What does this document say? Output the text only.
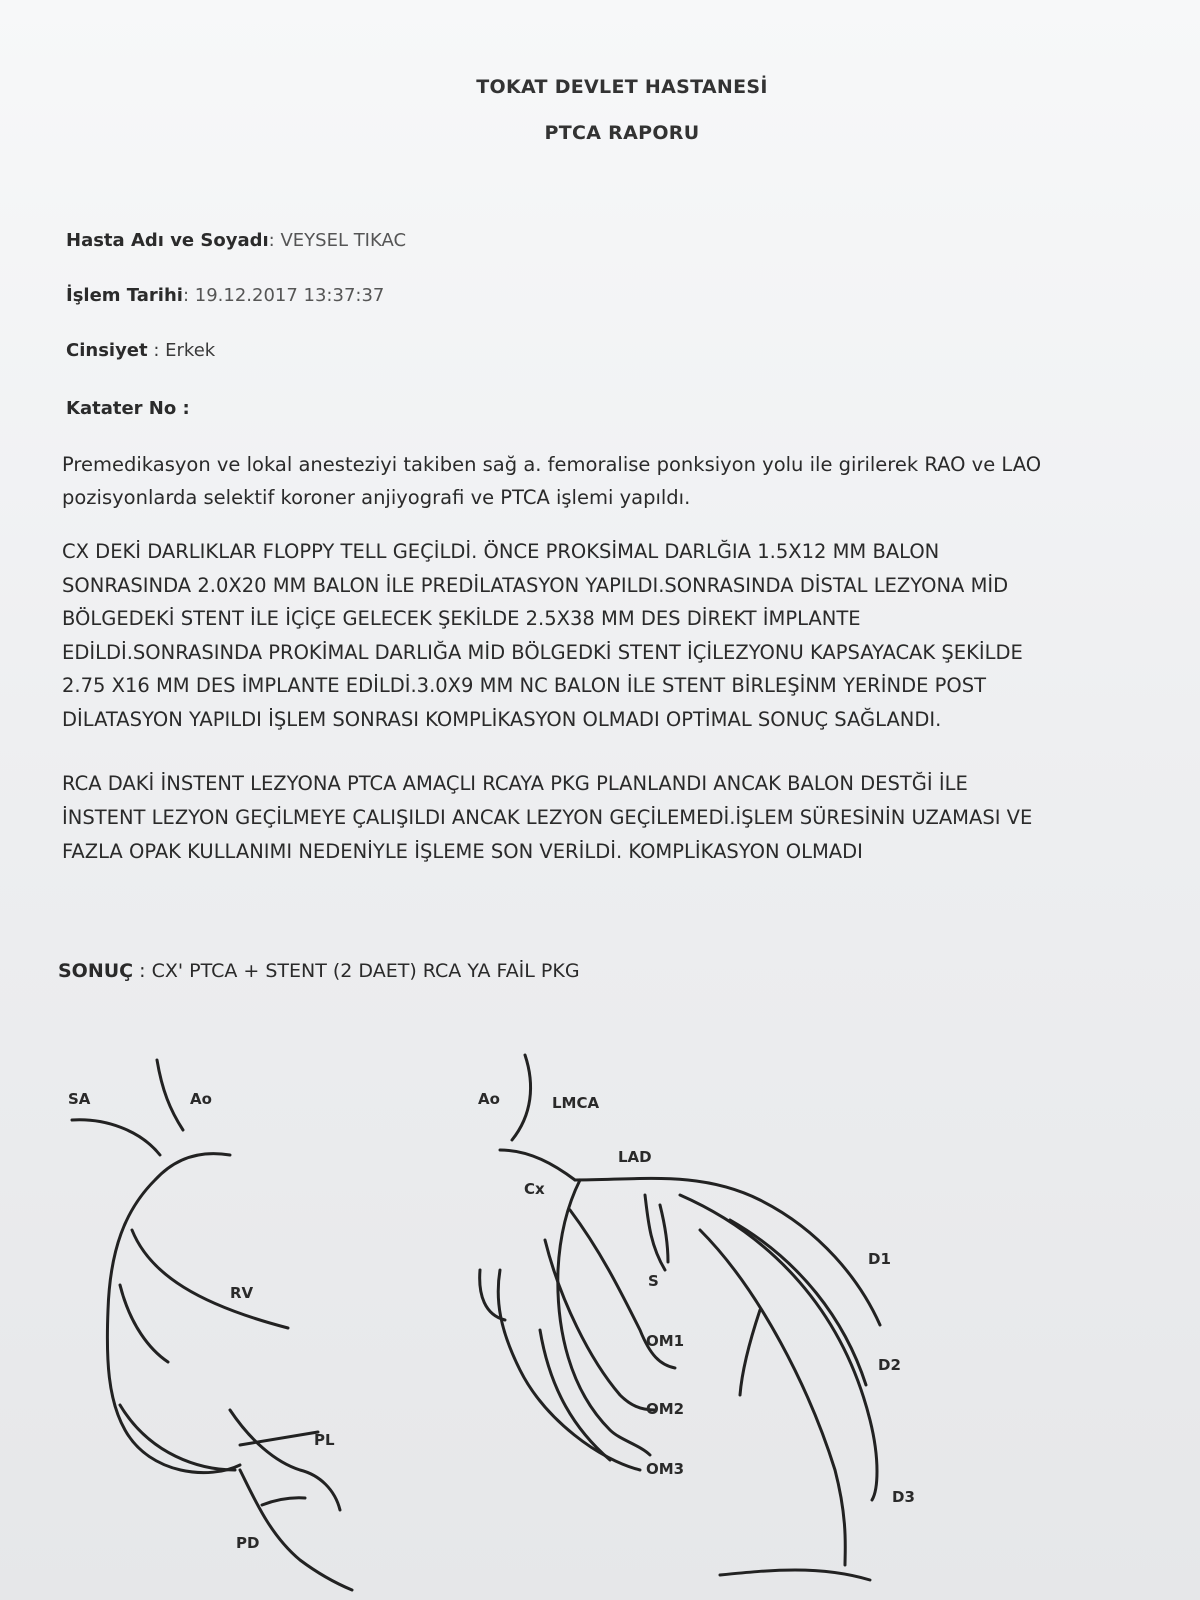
TOKAT DEVLET HASTANESİ
PTCA RAPORU
Hasta Adı ve Soyadı: VEYSEL TIKAC
İşlem Tarihi: 19.12.2017 13:37:37
Cinsiyet : Erkek
Katater No :
Premedikasyon ve lokal anesteziyi takiben sağ a. femoralise ponksiyon yolu ile girilerek RAO ve LAO
pozisyonlarda selektif koroner anjiyografi ve PTCA işlemi yapıldı.
CX DEKİ DARLIKLAR FLOPPY TELL GEÇİLDİ. ÖNCE PROKSİMAL DARLĞIA 1.5X12 MM BALON
SONRASINDA 2.0X20 MM BALON İLE PREDİLATASYON YAPILDI.SONRASINDA DİSTAL LEZYONA MİD
BÖLGEDEKİ STENT İLE İÇİÇE GELECEK ŞEKİLDE 2.5X38 MM DES DİREKT İMPLANTE
EDİLDİ.SONRASINDA PROKİMAL DARLIĞA MİD BÖLGEDKİ STENT İÇİLEZYONU KAPSAYACAK ŞEKİLDE
2.75 X16 MM DES İMPLANTE EDİLDİ.3.0X9 MM NC BALON İLE STENT BİRLEŞİNM YERİNDE POST
DİLATASYON YAPILDI İŞLEM SONRASI KOMPLİKASYON OLMADI OPTİMAL SONUÇ SAĞLANDI.
RCA DAKİ İNSTENT LEZYONA PTCA AMAÇLI RCAYA PKG PLANLANDI ANCAK BALON DESTĞİ İLE
İNSTENT LEZYON GEÇİLMEYE ÇALIŞILDI ANCAK LEZYON GEÇİLEMEDİ.İŞLEM SÜRESİNİN UZAMASI VE
FAZLA OPAK KULLANIMI NEDENİYLE İŞLEME SON VERİLDİ. KOMPLİKASYON OLMADI
SONUÇ : CX' PTCA + STENT (2 DAET) RCA YA FAİL PKG
SA	Ao
RV
PL
PD
Ao	LMCA
LAD
Cx
S
D1
D2
D3
OM1
OM2
OM3
